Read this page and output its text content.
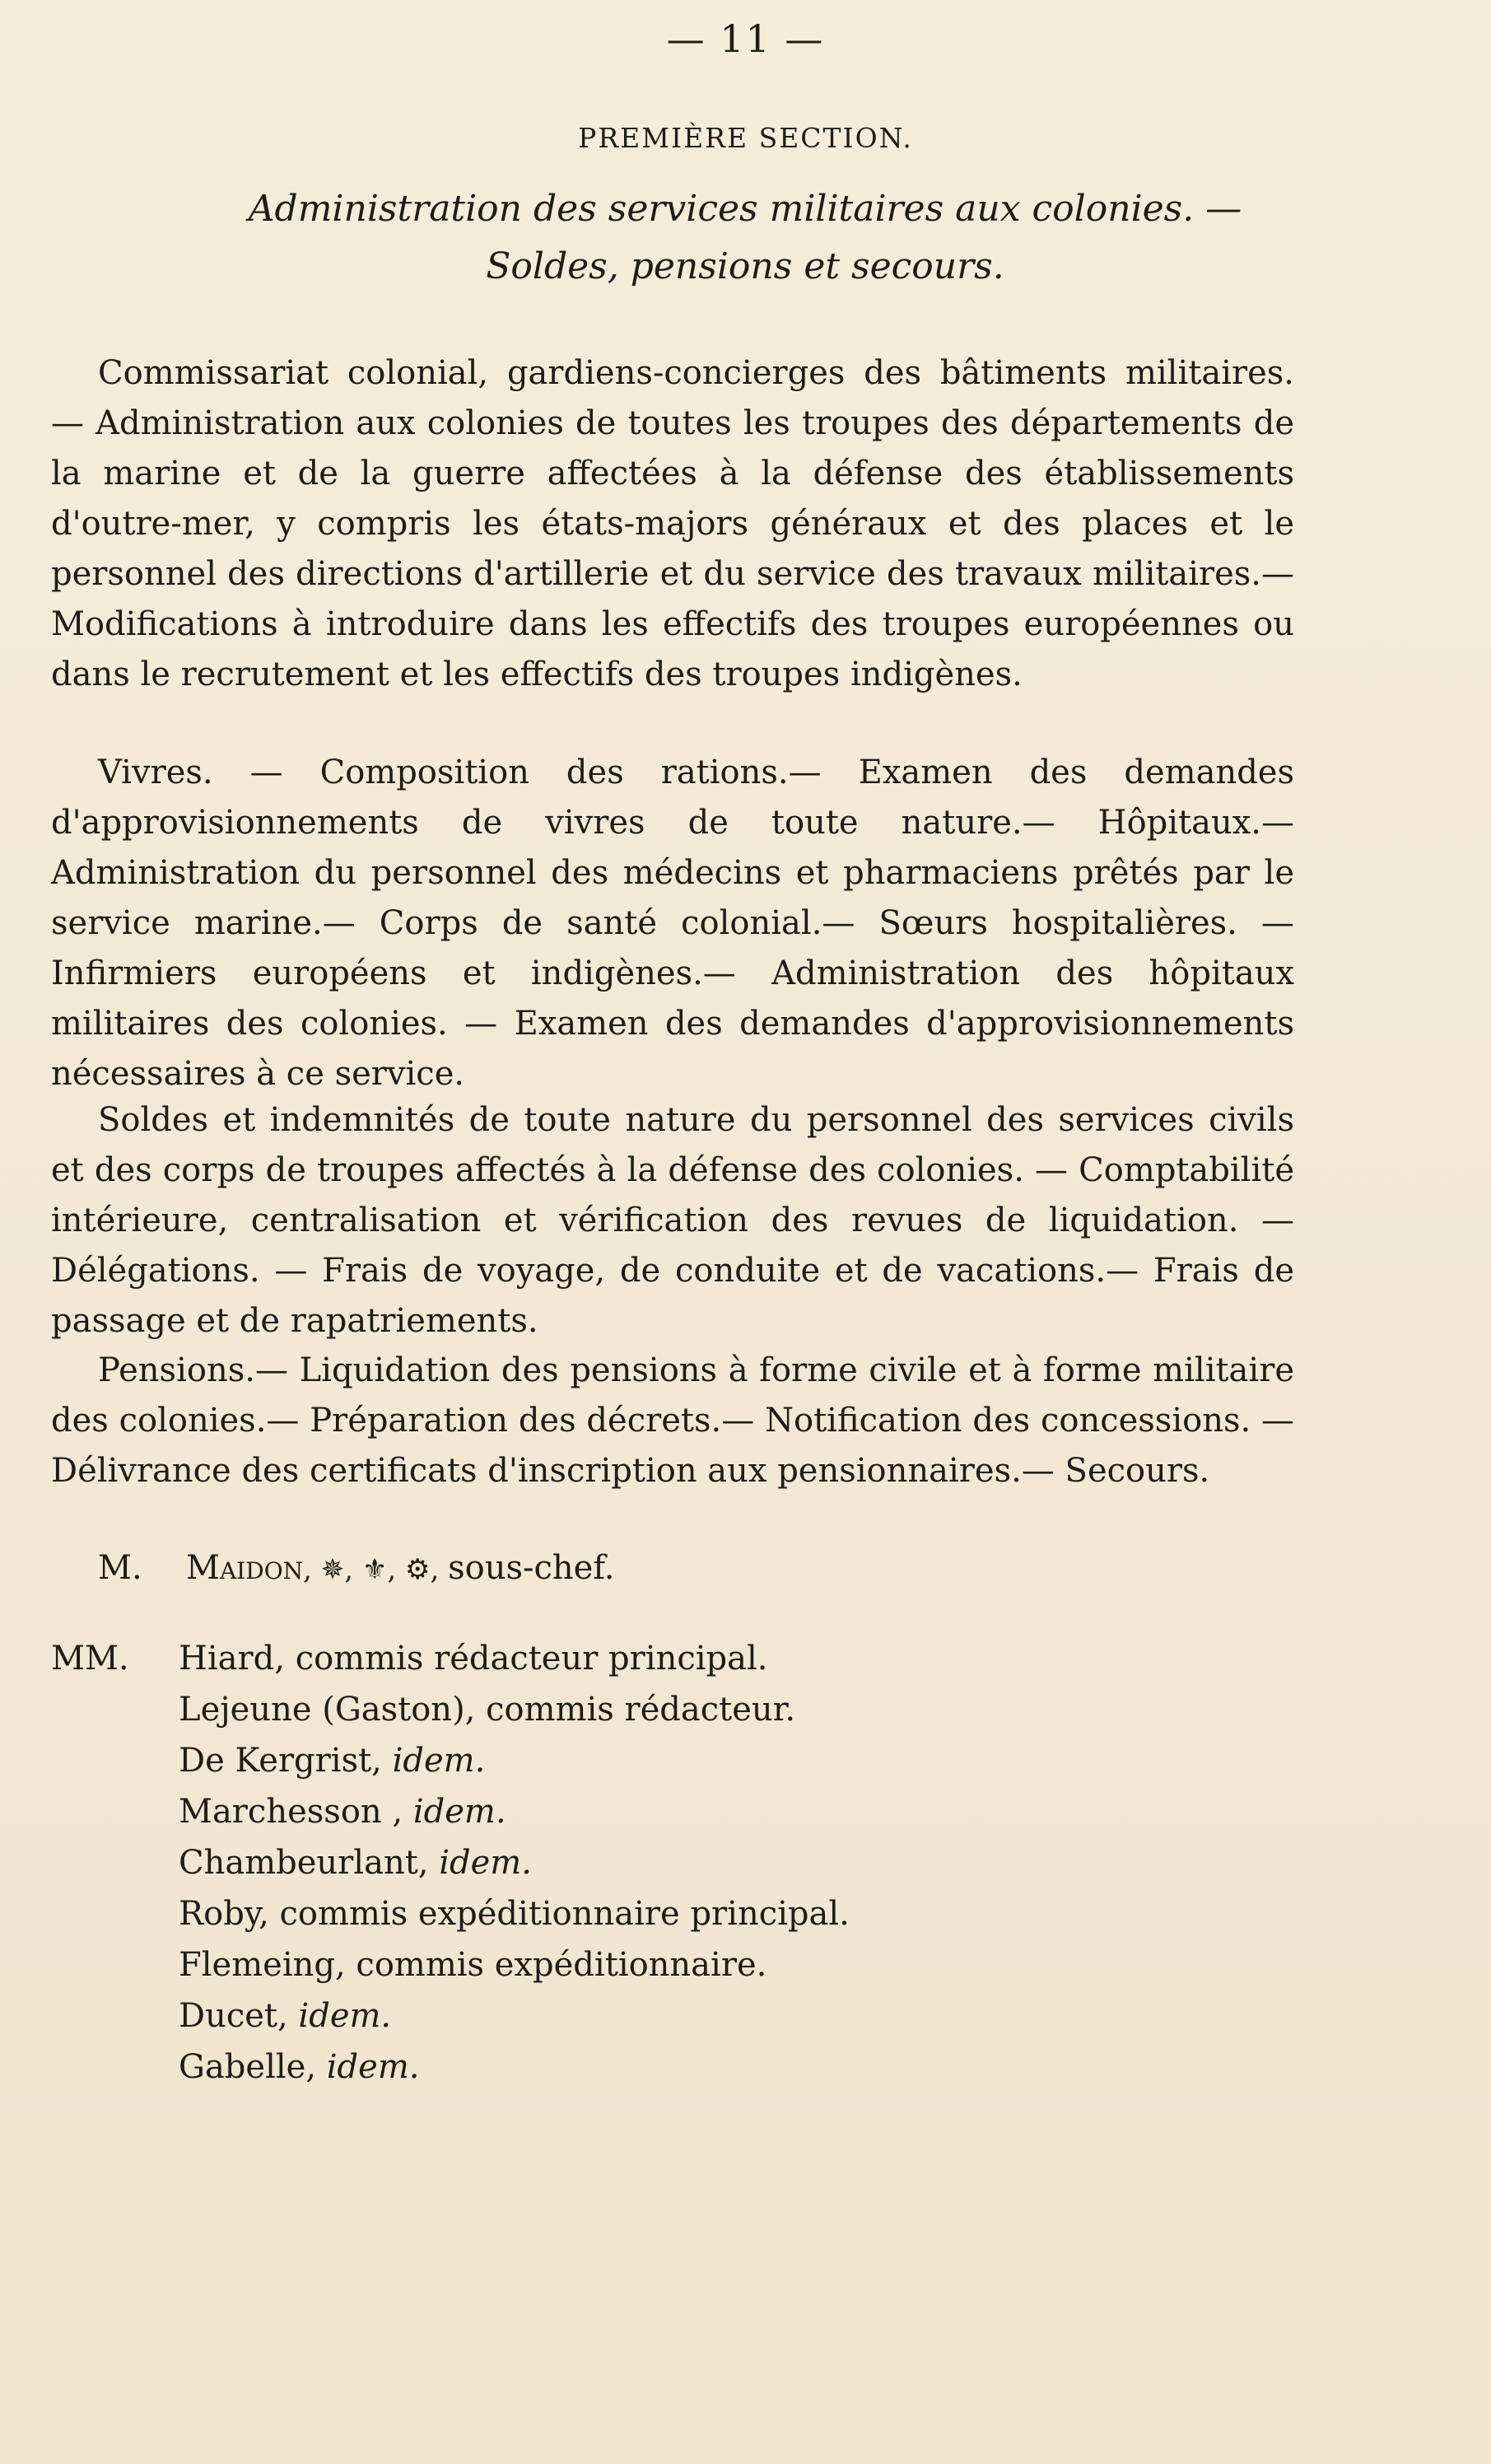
— 11 —
PREMIÈRE SECTION.
Administration des services militaires aux colonies. —
Soldes, pensions et secours.

Commissariat colonial, gardiens-concierges des bâtiments militaires. — Administration aux colonies de toutes les troupes des départements de la marine et de la guerre affectées à la défense des établissements d'outre-mer, y compris les états-majors généraux et des places et le personnel des directions d'artillerie et du service des travaux militaires.— Modifications à introduire dans les effectifs des troupes européennes ou dans le recrutement et les effectifs des troupes indigènes.

Vivres. — Composition des rations.— Examen des demandes d'approvisionnements de vivres de toute nature.— Hôpitaux.— Administration du personnel des médecins et pharmaciens prêtés par le service marine.— Corps de santé colonial.— Sœurs hospitalières. — Infirmiers européens et indigènes.— Administration des hôpitaux militaires des colonies. — Examen des demandes d'approvisionnements nécessaires à ce service.

Soldes et indemnités de toute nature du personnel des services civils et des corps de troupes affectés à la défense des colonies. — Comptabilité intérieure, centralisation et vérification des revues de liquidation. — Délégations. — Frais de voyage, de conduite et de vacations.— Frais de passage et de rapatriements.

Pensions.— Liquidation des pensions à forme civile et à forme militaire des colonies.— Préparation des décrets.— Notification des concessions. — Délivrance des certificats d'inscription aux pensionnaires.— Secours.

M. Maidon, ✵, ⚜, ⚙, sous-chef.
MM. Hiard, commis rédacteur principal.
Lejeune (Gaston), commis rédacteur.
De Kergrist, idem.
Marchesson , idem.
Chambeurlant, idem.
Roby, commis expéditionnaire principal.
Flemeing, commis expéditionnaire.
Ducet, idem.
Gabelle, idem.
